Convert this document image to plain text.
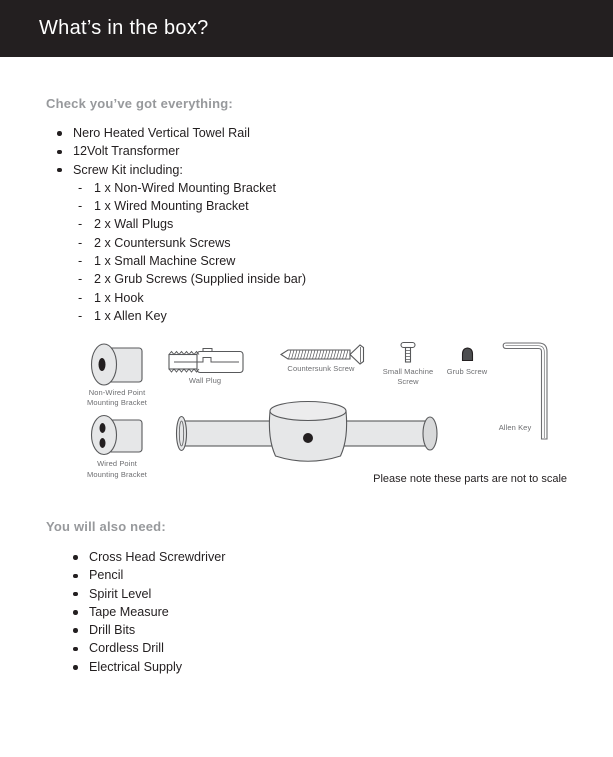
What’s in the box?
Check you’ve got everything:
Nero Heated Vertical Towel Rail
12Volt Transformer
Screw Kit including:
- 1 x Non-Wired Mounting Bracket
- 1 x Wired Mounting Bracket
- 2 x Wall Plugs
- 2 x Countersunk Screws
- 1 x Small Machine Screw
- 2 x Grub Screws (Supplied inside bar)
- 1 x Hook
- 1 x Allen Key
Non-Wired Point
Mounting Bracket
Wall Plug
Countersunk Screw	Small Machine
Screw
Grub Screw
Allen Key
Wired Point
Mounting Bracket	Please note these parts are not to scale
You will also need:
Cross Head Screwdriver
Pencil
Spirit Level
Tape Measure
Drill Bits
Cordless Drill
Electrical Supply
